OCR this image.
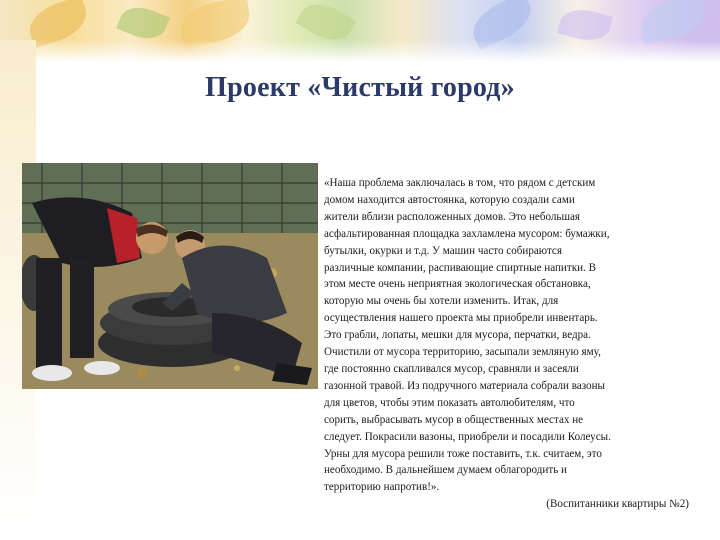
Проект «Чистый город»
«Наша проблема заключалась в том, что рядом с детским
домом находится автостоянка, которую создали сами
жители вблизи расположенных домов. Это небольшая
асфальтированная площадка захламлена мусором: бумажки,
бутылки, окурки и т.д. У машин часто собираются
различные компании, распивающие спиртные напитки. В
этом месте очень неприятная экологическая обстановка,
которую мы очень бы хотели изменить. Итак, для
осуществления нашего проекта мы приобрели инвентарь.
Это грабли, лопаты, мешки для мусора, перчатки, ведра.
Очистили от мусора территорию, засыпали земляную яму,
где постоянно скапливался мусор, сравняли и засеяли
газонной травой. Из подручного материала собрали вазоны
для цветов, чтобы этим показать автолюбителям, что
сорить, выбрасывать мусор в общественных местах не
следует. Покрасили вазоны, приобрели и посадили Колеусы.
Урны для мусора решили тоже поставить, т.к. считаем, это
необходимо. В дальнейшем думаем облагородить и
территорию напротив!».
(Воспитанники квартиры №2)
